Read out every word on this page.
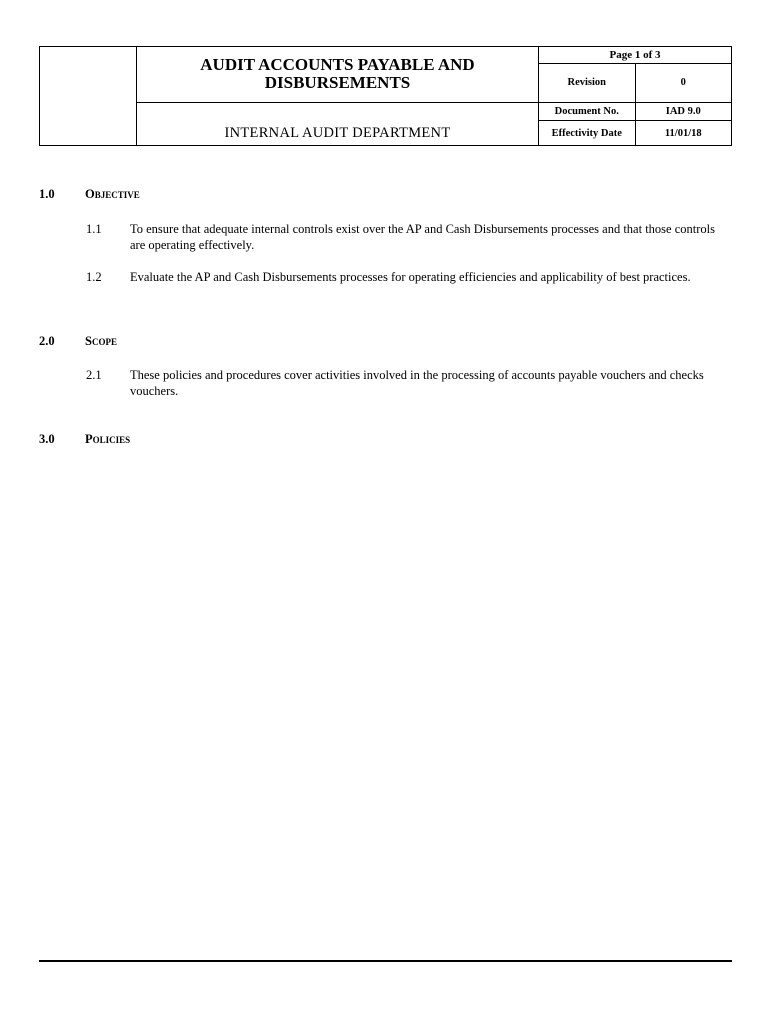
	AUDIT ACCOUNTS PAYABLE AND DISBURSEMENTS	Page 1 of 3	
		Revision	0
	INTERNAL AUDIT DEPARTMENT	Document No.	IAD 9.0
		Effectivity Date	11/01/18
1.0 Objective
1.1	To ensure that adequate internal controls exist over the AP and Cash Disbursements processes and that those controls are operating effectively.
1.2	Evaluate the AP and Cash Disbursements processes for operating efficiencies and applicability of best practices.
2.0 Scope
2.1	These policies and procedures cover activities involved in the processing of accounts payable vouchers and checks vouchers.
3.0 Policies
